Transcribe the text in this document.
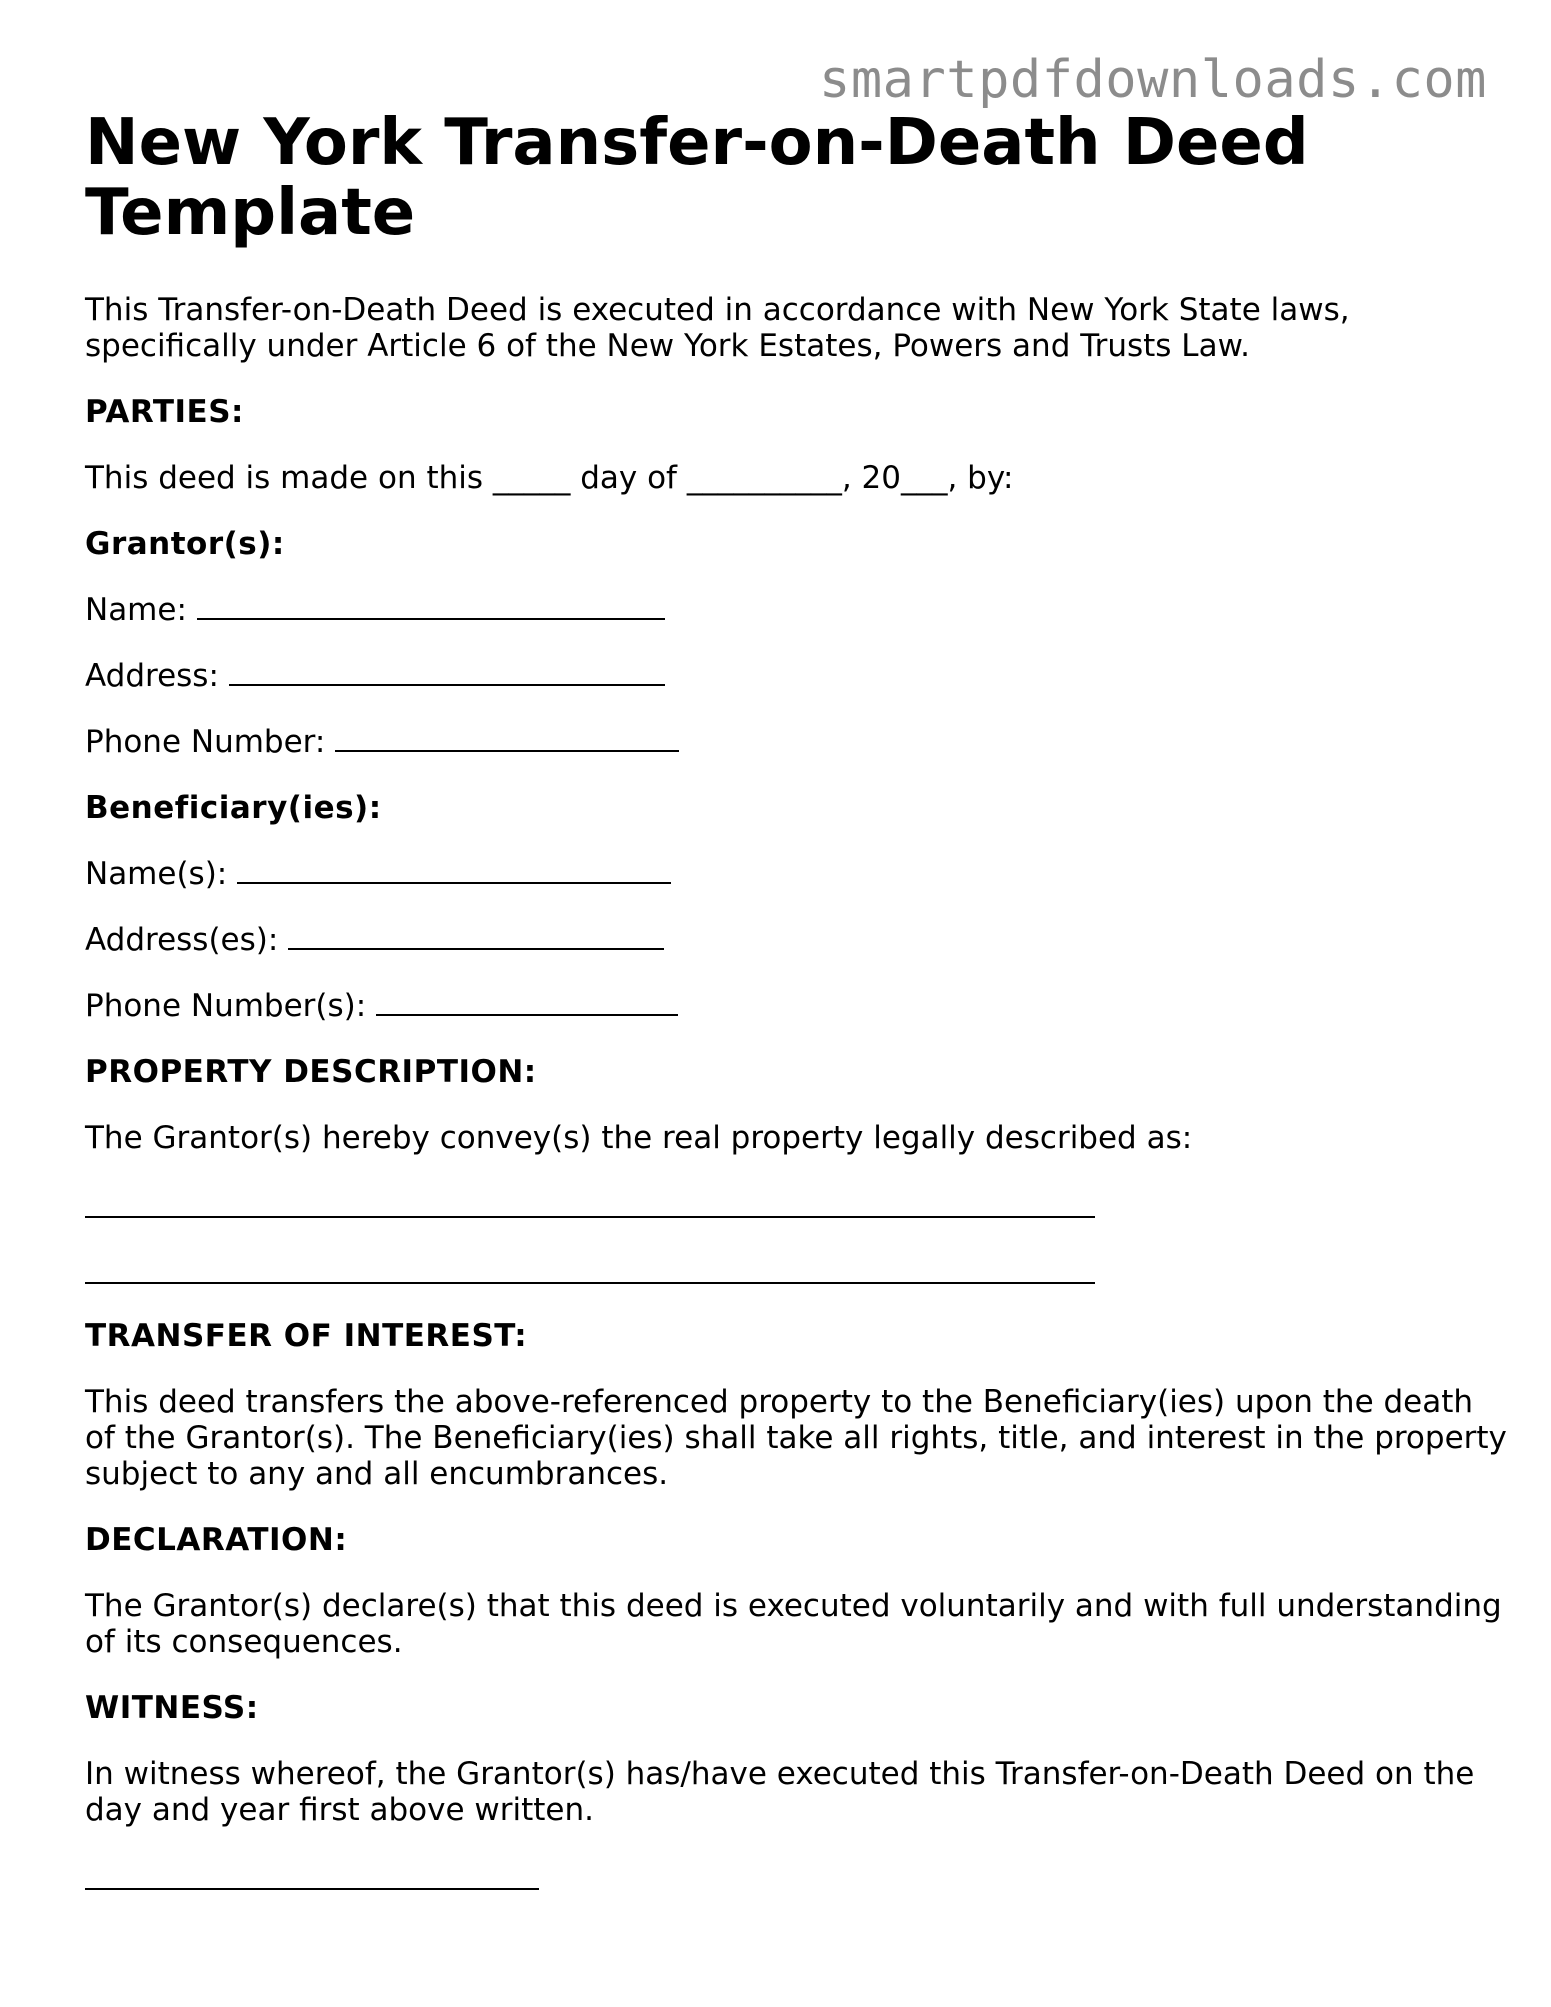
smartpdfdownloads.com
New York Transfer-on-Death Deed Template

This Transfer-on-Death Deed is executed in accordance with New York State laws,

specifically under Article 6 of the New York Estates, Powers and Trusts Law.

PARTIES:

This deed is made on this _____ day of __________, 20___, by:

Grantor(s):
Name:
Address:
Phone Number:
Beneficiary(ies):
Name(s):
Address(es):
Phone Number(s):
PROPERTY DESCRIPTION:

The Grantor(s) hereby convey(s) the real property legally described as:

TRANSFER OF INTEREST:

This deed transfers the above-referenced property to the Beneficiary(ies) upon the death

of the Grantor(s). The Beneficiary(ies) shall take all rights, title, and interest in the property

subject to any and all encumbrances.

DECLARATION:

The Grantor(s) declare(s) that this deed is executed voluntarily and with full understanding

of its consequences.

WITNESS:

In witness whereof, the Grantor(s) has/have executed this Transfer-on-Death Deed on the

day and year first above written.
